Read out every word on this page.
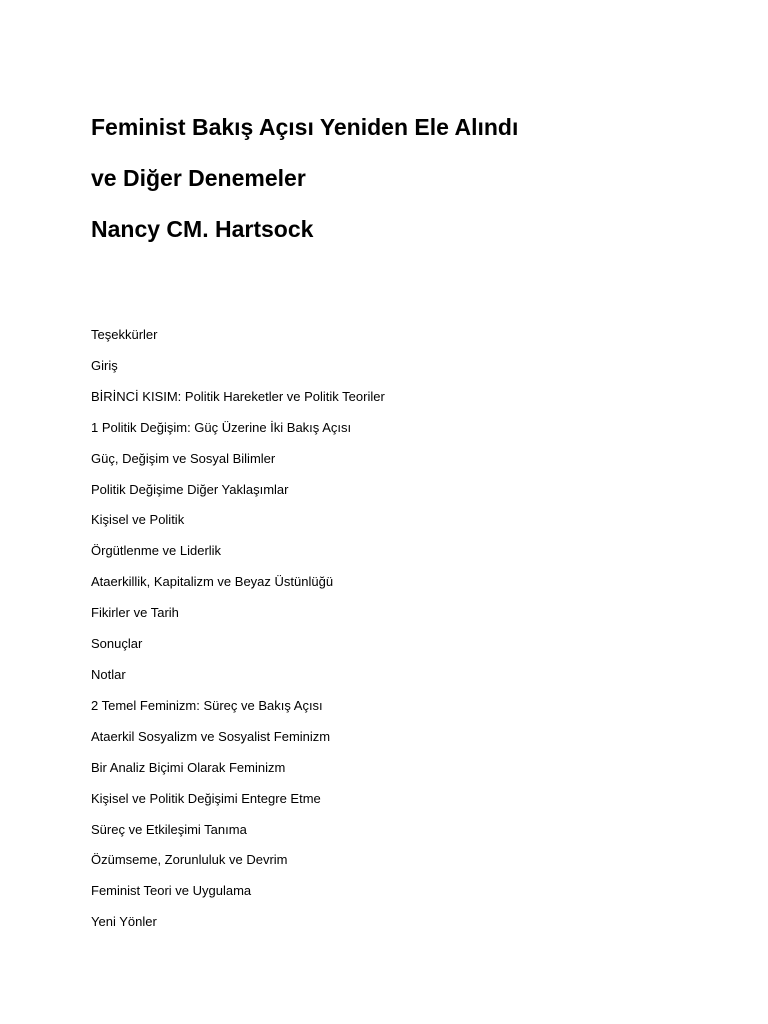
Feminist Bakış Açısı Yeniden Ele Alındı
ve Diğer Denemeler
Nancy CM. Hartsock
Teşekkürler
Giriş
BİRİNCİ KISIM: Politik Hareketler ve Politik Teoriler
1 Politik Değişim: Güç Üzerine İki Bakış Açısı
Güç, Değişim ve Sosyal Bilimler
Politik Değişime Diğer Yaklaşımlar
Kişisel ve Politik
Örgütlenme ve Liderlik
Ataerkillik, Kapitalizm ve Beyaz Üstünlüğü
Fikirler ve Tarih
Sonuçlar
Notlar
2 Temel Feminizm: Süreç ve Bakış Açısı
Ataerkil Sosyalizm ve Sosyalist Feminizm
Bir Analiz Biçimi Olarak Feminizm
Kişisel ve Politik Değişimi Entegre Etme
Süreç ve Etkileşimi Tanıma
Özümseme, Zorunluluk ve Devrim
Feminist Teori ve Uygulama
Yeni Yönler
